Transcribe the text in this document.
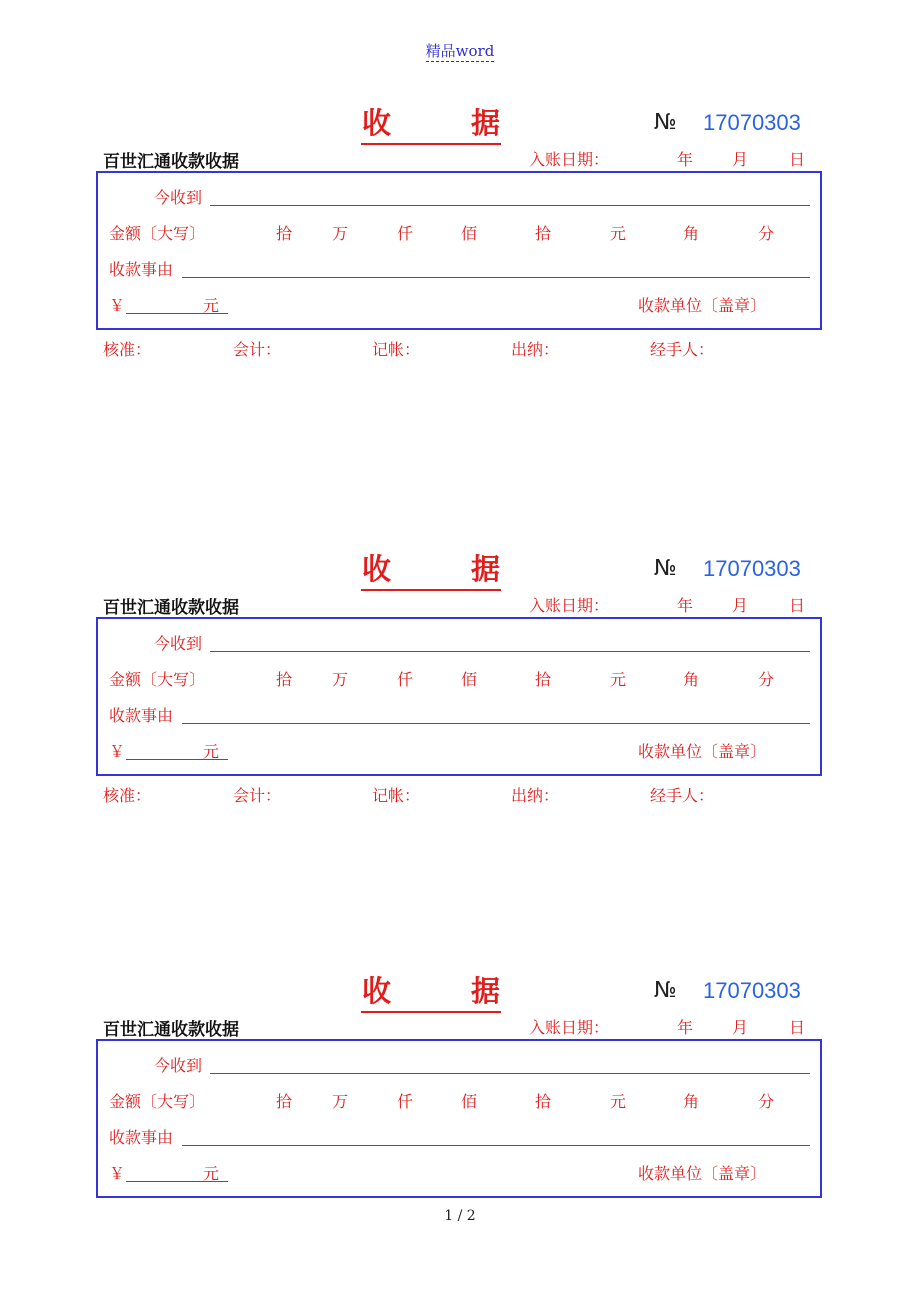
精品word
收	据	№ 17070303
百世汇通收款收据	入账日期：	年 月	日
今收到
金额〔大写〕	拾 万	仟	佰	拾	元	角	分
收款事由
￥	元	收款单位〔盖章〕
核准：	会计：	记帐：	出纳：	经手人：
收	据	№ 17070303
百世汇通收款收据	入账日期：	年 月	日
今收到
金额〔大写〕	拾 万	仟	佰	拾	元	角	分
收款事由
￥	元	收款单位〔盖章〕
核准：	会计：	记帐：	出纳：	经手人：
收	据	№ 17070303
百世汇通收款收据	入账日期：	年 月	日
今收到
金额〔大写〕	拾 万	仟	佰	拾	元	角	分
收款事由
￥	元	收款单位〔盖章〕
1 / 2
